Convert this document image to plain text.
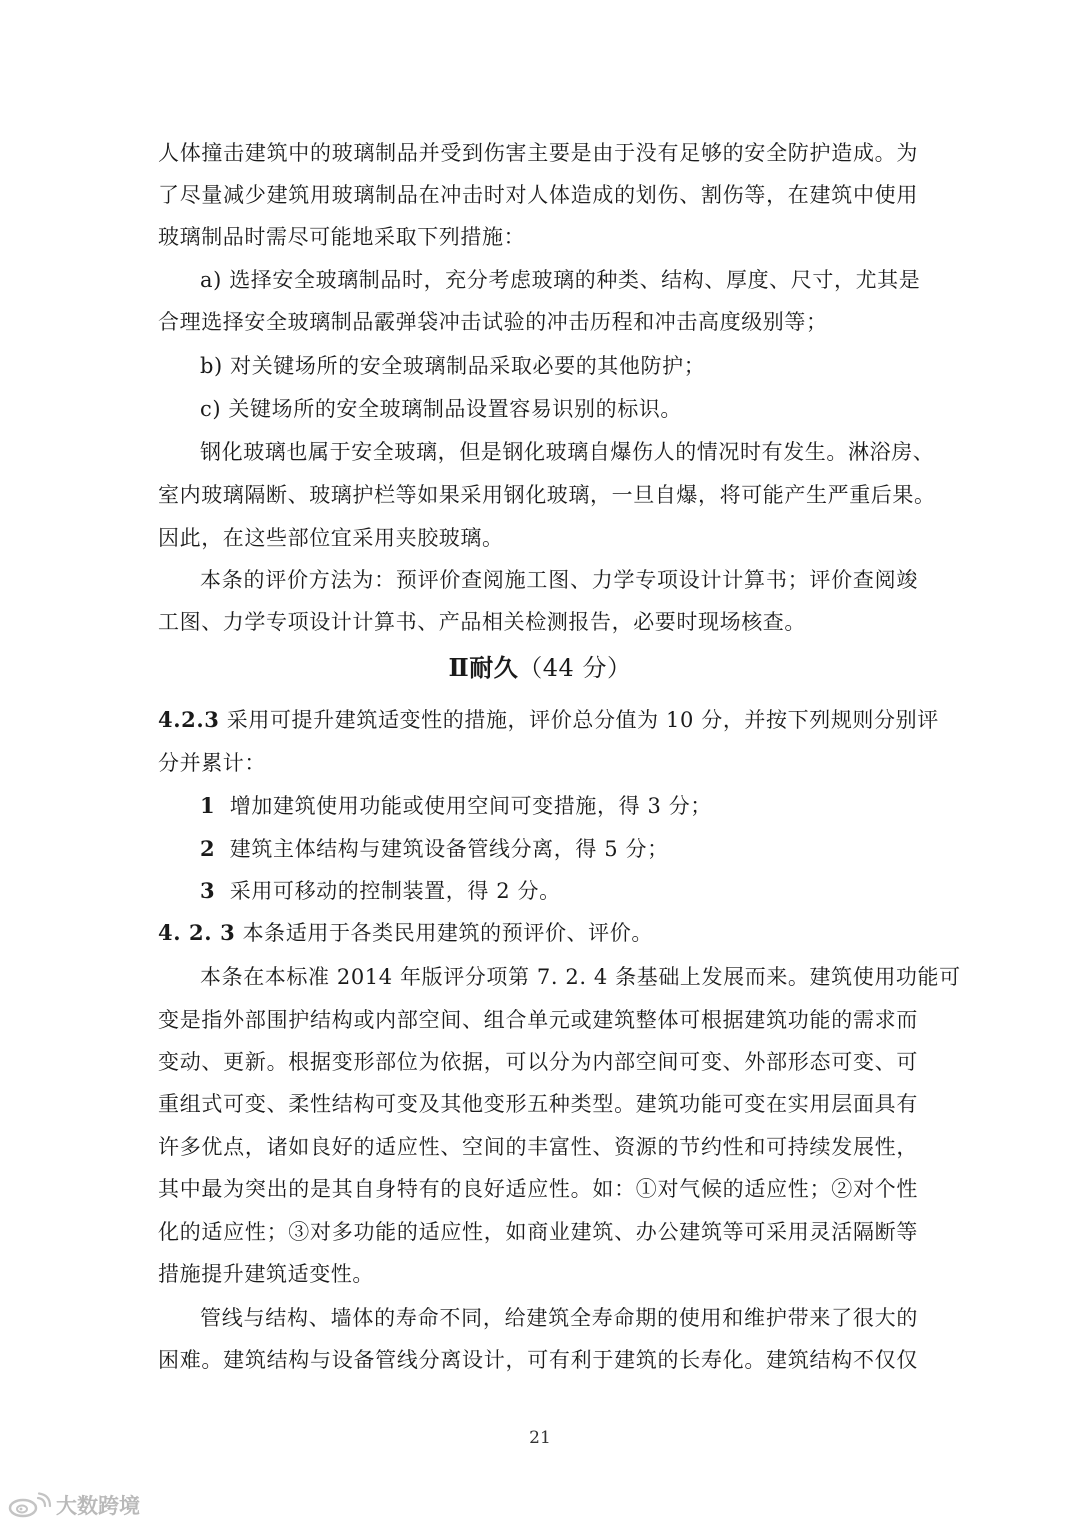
人体撞击建筑中的玻璃制品并受到伤害主要是由于没有足够的安全防护造成。为
了尽量减少建筑用玻璃制品在冲击时对人体造成的划伤、割伤等，在建筑中使用
玻璃制品时需尽可能地采取下列措施：
a) 选择安全玻璃制品时，充分考虑玻璃的种类、结构、厚度、尺寸，尤其是
合理选择安全玻璃制品霰弹袋冲击试验的冲击历程和冲击高度级别等；
b) 对关键场所的安全玻璃制品采取必要的其他防护；
c) 关键场所的安全玻璃制品设置容易识别的标识。
钢化玻璃也属于安全玻璃，但是钢化玻璃自爆伤人的情况时有发生。淋浴房、
室内玻璃隔断、玻璃护栏等如果采用钢化玻璃，一旦自爆，将可能产生严重后果。
因此，在这些部位宜采用夹胶玻璃。
本条的评价方法为：预评价查阅施工图、力学专项设计计算书；评价查阅竣
工图、力学专项设计计算书、产品相关检测报告，必要时现场核查。
Ⅱ耐久（44 分）
4.2.3 采用可提升建筑适变性的措施，评价总分值为 10 分，并按下列规则分别评
分并累计：
1 增加建筑使用功能或使用空间可变措施，得 3 分；
2 建筑主体结构与建筑设备管线分离，得 5 分；
3 采用可移动的控制装置，得 2 分。
4. 2. 3 本条适用于各类民用建筑的预评价、评价。
本条在本标准 2014 年版评分项第 7. 2. 4 条基础上发展而来。建筑使用功能可
变是指外部围护结构或内部空间、组合单元或建筑整体可根据建筑功能的需求而
变动、更新。根据变形部位为依据，可以分为内部空间可变、外部形态可变、可
重组式可变、柔性结构可变及其他变形五种类型。建筑功能可变在实用层面具有
许多优点，诸如良好的适应性、空间的丰富性、资源的节约性和可持续发展性，
其中最为突出的是其自身特有的良好适应性。如：①对气候的适应性；②对个性
化的适应性；③对多功能的适应性，如商业建筑、办公建筑等可采用灵活隔断等
措施提升建筑适变性。
管线与结构、墙体的寿命不同，给建筑全寿命期的使用和维护带来了很大的
困难。建筑结构与设备管线分离设计，可有利于建筑的长寿化。建筑结构不仅仅
21
大数跨境
